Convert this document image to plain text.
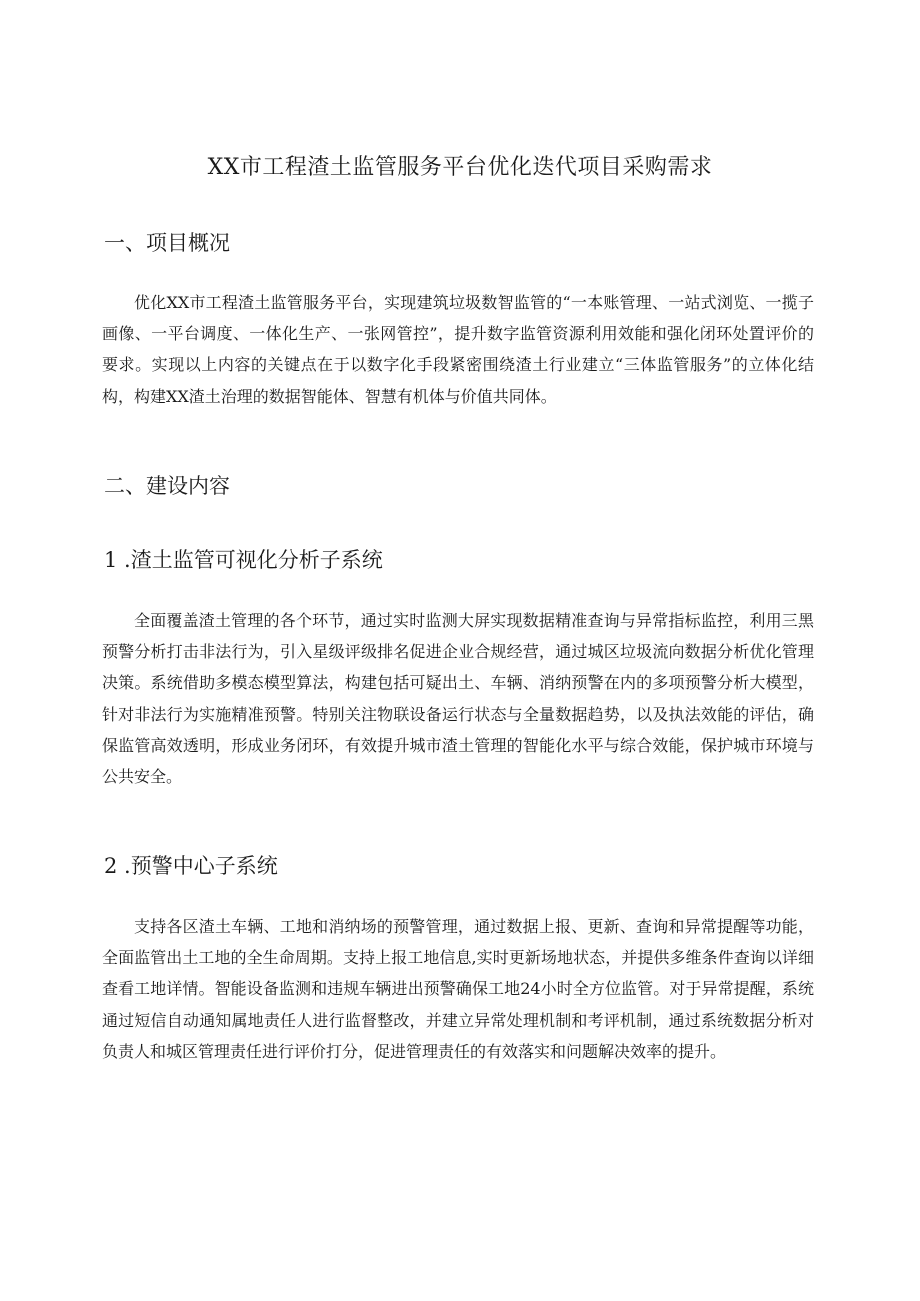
XX市工程渣土监管服务平台优化迭代项目采购需求
一、项目概况
优化XX市工程渣土监管服务平台，实现建筑垃圾数智监管的“一本账管理、一站式浏览、一揽子画像、一平台调度、一体化生产、一张网管控”，提升数字监管资源利用效能和强化闭环处置评价的要求。实现以上内容的关键点在于以数字化手段紧密围绕渣土行业建立“三体监管服务”的立体化结构，构建XX渣土治理的数据智能体、智慧有机体与价值共同体。
二、建设内容
1 .渣土监管可视化分析子系统
全面覆盖渣土管理的各个环节，通过实时监测大屏实现数据精准查询与异常指标监控，利用三黑预警分析打击非法行为，引入星级评级排名促进企业合规经营，通过城区垃圾流向数据分析优化管理决策。系统借助多模态模型算法，构建包括可疑出土、车辆、消纳预警在内的多项预警分析大模型，针对非法行为实施精准预警。特别关注物联设备运行状态与全量数据趋势，以及执法效能的评估，确保监管高效透明，形成业务闭环，有效提升城市渣土管理的智能化水平与综合效能，保护城市环境与公共安全。
2 .预警中心子系统
支持各区渣土车辆、工地和消纳场的预警管理，通过数据上报、更新、查询和异常提醒等功能，全面监管出土工地的全生命周期。支持上报工地信息,实时更新场地状态，并提供多维条件查询以详细查看工地详情。智能设备监测和违规车辆进出预警确保工地24小时全方位监管。对于异常提醒，系统通过短信自动通知属地责任人进行监督整改，并建立异常处理机制和考评机制，通过系统数据分析对负责人和城区管理责任进行评价打分，促进管理责任的有效落实和问题解决效率的提升。
